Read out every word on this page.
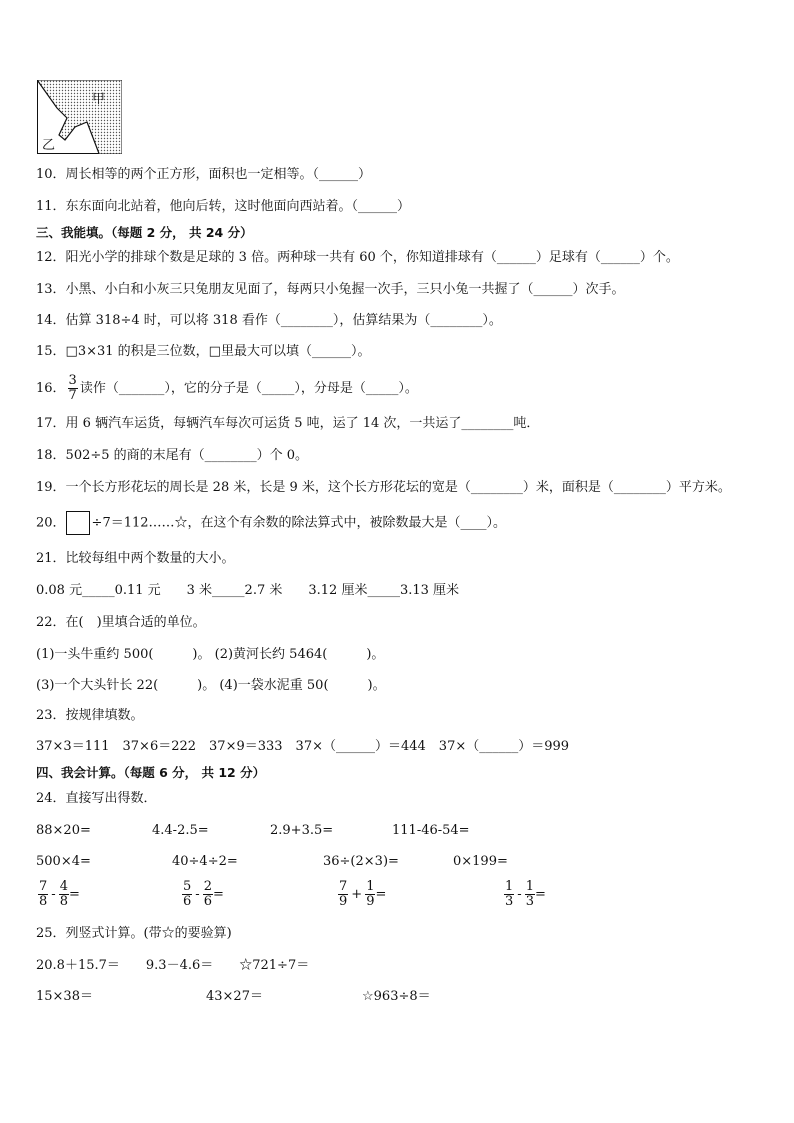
甲
乙
10．周长相等的两个正方形，面积也一定相等。（______）
11．东东面向北站着，他向后转，这时他面向西站着。（______）
三、我能填。（每题 2 分， 共 24 分）
12．阳光小学的排球个数是足球的 3 倍。两种球一共有 60 个，你知道排球有（______）足球有（______）个。
13．小黑、小白和小灰三只兔朋友见面了，每两只小兔握一次手，三只小兔一共握了（______）次手。
14．估算 318÷4 时，可以将 318 看作（________），估算结果为（________）。
15．□3×31 的积是三位数，□里最大可以填（______）。
16． $\frac{3}{7}$ 读作（_______），它的分子是（_____），分母是（_____）。
17．用 6 辆汽车运货，每辆汽车每次可运货 5 吨，运了 14 次，一共运了________吨．
18．502÷5 的商的末尾有（________）个 0。
19．一个长方形花坛的周长是 28 米，长是 9 米，这个长方形花坛的宽是（________）米，面积是（________）平方米。
20． ÷7＝112……☆，在这个有余数的除法算式中，被除数最大是（____）。
21．比较每组中两个数量的大小。
0.08 元_____0.11 元　　3 米_____2.7 米　　3.12 厘米_____3.13 厘米
22．在(　)里填合适的单位。
(1)一头牛重约 500(　　　)。 (2)黄河长约 5464(　　　)。
(3)一个大头针长 22(　　　)。 (4)一袋水泥重 50(　　　)。
23．按规律填数。
37×3＝111　37×6＝222　37×9＝333　37×（______）＝444　37×（______）＝999
四、我会计算。（每题 6 分， 共 12 分）
24．直接写出得数．
88×20=	4.4-2.5=	2.9+3.5=	111-46-54=
500×4=	40÷4÷2=	36÷(2×3)=	0×199=
$\frac{7}{8} - \frac{4}{8}$ =	$\frac{5}{6} - \frac{2}{6}$ =	$\frac{7}{9} + \frac{1}{9}$ =	$\frac{1}{3} - \frac{1}{3}$ =
25．列竖式计算。(带☆的要验算)
20.8＋15.7＝　　9.3－4.6＝　　☆721÷7＝
15×38＝	43×27＝	☆963÷8＝
